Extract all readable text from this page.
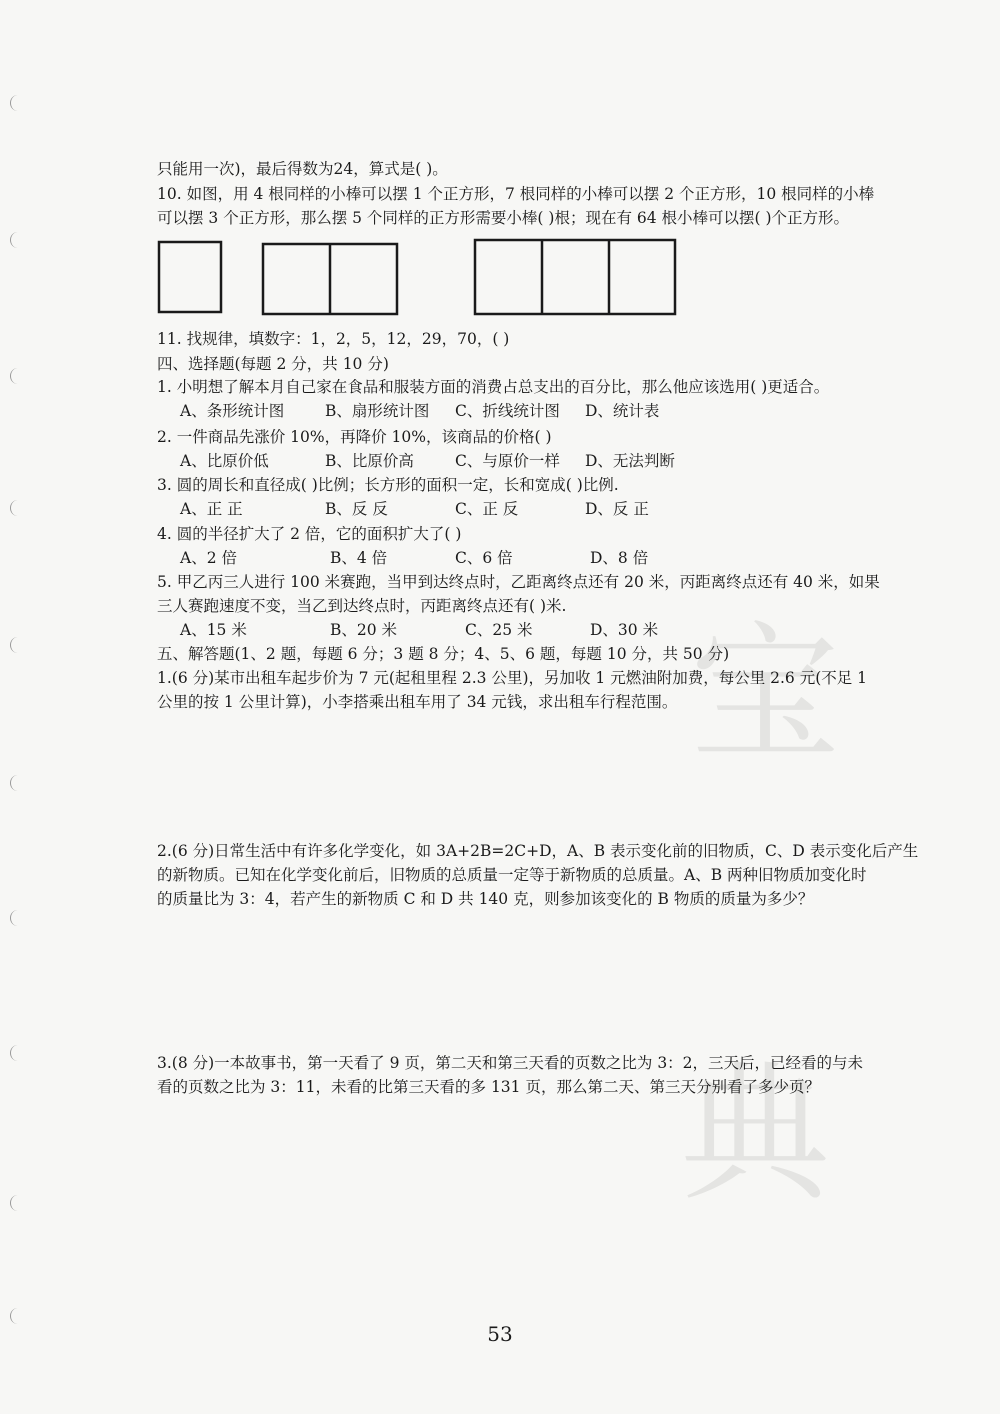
宝
典
只能用一次)，最后得数为24，算式是( )。
10. 如图，用 4 根同样的小棒可以摆 1 个正方形，7 根同样的小棒可以摆 2 个正方形，10 根同样的小棒
可以摆 3 个正方形，那么摆 5 个同样的正方形需要小棒( )根；现在有 64 根小棒可以摆( )个正方形。
11. 找规律，填数字：1，2，5，12，29，70，( )
四、选择题(每题 2 分，共 10 分)
1. 小明想了解本月自己家在食品和服装方面的消费占总支出的百分比，那么他应该选用( )更适合。
A、条形统计图	B、扇形统计图 C、折线统计图 D、统计表
2. 一件商品先涨价 10%，再降价 10%，该商品的价格( )
A、比原价低	B、比原价高	C、与原价一样 D、无法判断
3. 圆的周长和直径成( )比例；长方形的面积一定，长和宽成( )比例.
A、正 正	B、反 反	C、正 反	D、反 正
4. 圆的半径扩大了 2 倍，它的面积扩大了( )
A、2 倍	B、4 倍	C、6 倍	D、8 倍
5. 甲乙丙三人进行 100 米赛跑，当甲到达终点时，乙距离终点还有 20 米，丙距离终点还有 40 米，如果
三人赛跑速度不变，当乙到达终点时，丙距离终点还有( )米.
A、15 米	B、20 米	C、25 米	D、30 米
五、解答题(1、2 题，每题 6 分；3 题 8 分；4、5、6 题，每题 10 分，共 50 分)
1.(6 分)某市出租车起步价为 7 元(起租里程 2.3 公里)，另加收 1 元燃油附加费，每公里 2.6 元(不足 1
公里的按 1 公里计算)，小李搭乘出租车用了 34 元钱，求出租车行程范围。
2.(6 分)日常生活中有许多化学变化，如 3A+2B=2C+D，A、B 表示变化前的旧物质，C、D 表示变化后产生
的新物质。已知在化学变化前后，旧物质的总质量一定等于新物质的总质量。A、B 两种旧物质加变化时
的质量比为 3：4，若产生的新物质 C 和 D 共 140 克，则参加该变化的 B 物质的质量为多少？
3.(8 分)一本故事书，第一天看了 9 页，第二天和第三天看的页数之比为 3：2，三天后，已经看的与未
看的页数之比为 3：11，未看的比第三天看的多 131 页，那么第二天、第三天分别看了多少页？
53
